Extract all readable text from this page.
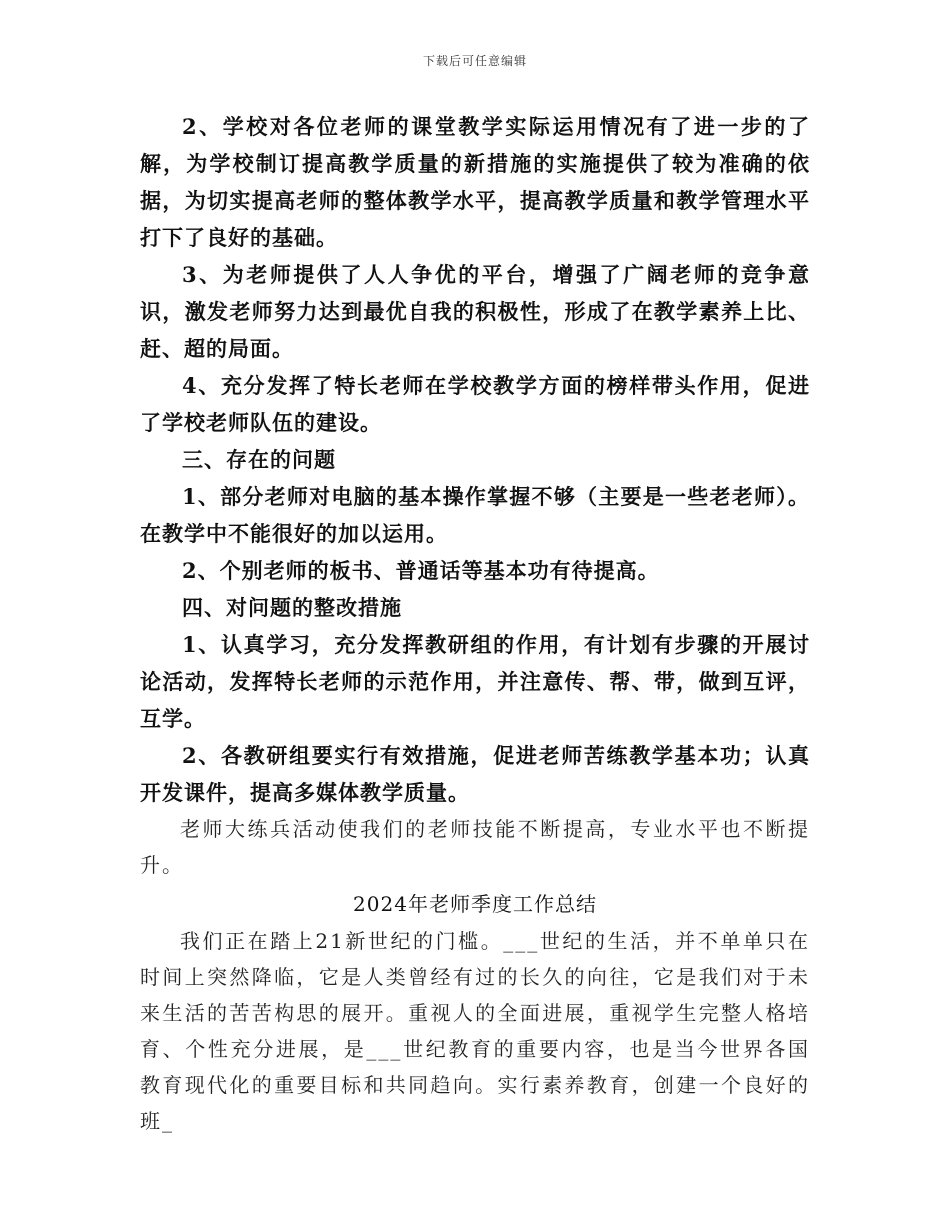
下载后可任意编辑

2、学校对各位老师的课堂教学实际运用情况有了进一步的了解，为学校制订提高教学质量的新措施的实施提供了较为准确的依据，为切实提高老师的整体教学水平，提高教学质量和教学管理水平打下了良好的基础。

3、为老师提供了人人争优的平台，增强了广阔老师的竞争意识，激发老师努力达到最优自我的积极性，形成了在教学素养上比、赶、超的局面。

4、充分发挥了特长老师在学校教学方面的榜样带头作用，促进了学校老师队伍的建设。

三、存在的问题

1、部分老师对电脑的基本操作掌握不够（主要是一些老老师）。在教学中不能很好的加以运用。

2、个别老师的板书、普通话等基本功有待提高。

四、对问题的整改措施

1、认真学习，充分发挥教研组的作用，有计划有步骤的开展讨论活动，发挥特长老师的示范作用，并注意传、帮、带，做到互评，互学。

2、各教研组要实行有效措施，促进老师苦练教学基本功；认真开发课件，提高多媒体教学质量。

老师大练兵活动使我们的老师技能不断提高，专业水平也不断提升。

2024年老师季度工作总结

我们正在踏上21新世纪的门槛。___世纪的生活，并不单单只在时间上突然降临，它是人类曾经有过的长久的向往，它是我们对于未来生活的苦苦构思的展开。重视人的全面进展，重视学生完整人格培育、个性充分进展，是___世纪教育的重要内容，也是当今世界各国教育现代化的重要目标和共同趋向。实行素养教育，创建一个良好的班_
